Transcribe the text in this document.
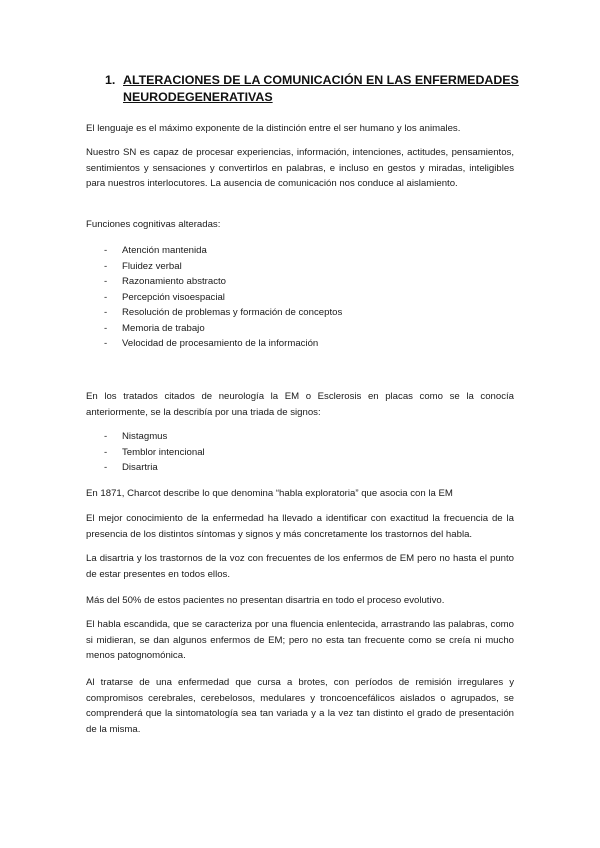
1. ALTERACIONES DE LA COMUNICACIÓN EN LAS ENFERMEDADES NEURODEGENERATIVAS

El lenguaje es el máximo exponente de la distinción entre el ser humano y los animales.

Nuestro SN es capaz de procesar experiencias, información, intenciones, actitudes, pensamientos, sentimientos y sensaciones y convertirlos en palabras, e incluso en gestos y miradas, inteligibles para nuestros interlocutores. La ausencia de comunicación nos conduce al aislamiento.

Funciones cognitivas alteradas:

- Atención mantenida
- Fluidez verbal
- Razonamiento abstracto
- Percepción visoespacial
- Resolución de problemas y formación de conceptos
- Memoria de trabajo
- Velocidad de procesamiento de la información

En los tratados citados de neurología la EM o Esclerosis en placas como se la conocía anteriormente, se la describía por una triada de signos:

- Nistagmus
- Temblor intencional
- Disartria

En 1871, Charcot describe lo que denomina “habla exploratoria” que asocia con la EM

El mejor conocimiento de la enfermedad ha llevado a identificar con exactitud la frecuencia de la presencia de los distintos síntomas y signos y más concretamente los trastornos del habla.

La disartria y los trastornos de la voz con frecuentes de los enfermos de EM pero no hasta el punto de estar presentes en todos ellos.

Más del 50% de estos pacientes no presentan disartria en todo el proceso evolutivo.

El habla escandida, que se caracteriza por una fluencia enlentecida, arrastrando las palabras, como si midieran, se dan algunos enfermos de EM; pero no esta tan frecuente como se creía ni mucho menos patognomónica.

Al tratarse de una enfermedad que cursa a brotes, con períodos de remisión irregulares y compromisos cerebrales, cerebelosos, medulares y troncoencefálicos aislados o agrupados, se comprenderá que la sintomatología sea tan variada y a la vez tan distinto el grado de presentación de la misma.
